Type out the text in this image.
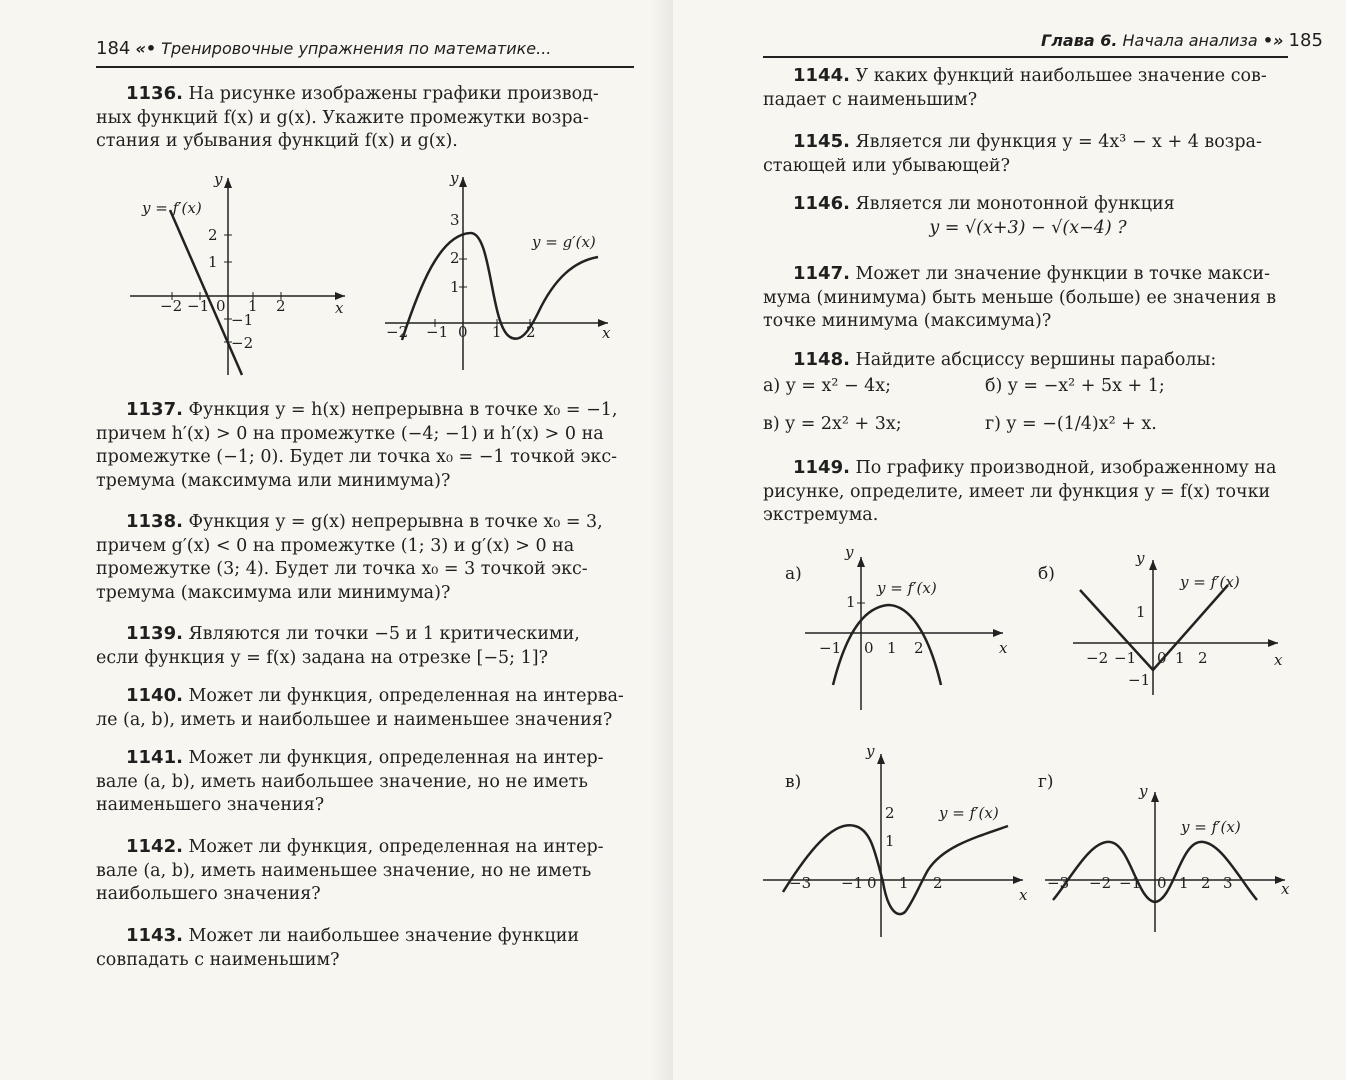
184 «• Тренировочные упражнения по математике...
1136. На рисунке изображены графики производ-
ных функций f(x) и g(x). Укажите промежутки возра-
стания и убывания функций f(x) и g(x).
y
x
y = f′(x)
−2 −1 0 1 2
2
1
−1
−2
y
x
y = g′(x)
−2 −1 0 1 2
3
2
1
1137. Функция y = h(x) непрерывна в точке x₀ = −1,
причем h′(x) > 0 на промежутке (−4; −1) и h′(x) > 0 на
промежутке (−1; 0). Будет ли точка x₀ = −1 точкой экс-
тремума (максимума или минимума)?
1138. Функция y = g(x) непрерывна в точке x₀ = 3,
причем g′(x) < 0 на промежутке (1; 3) и g′(x) > 0 на
промежутке (3; 4). Будет ли точка x₀ = 3 точкой экс-
тремума (максимума или минимума)?
1139. Являются ли точки −5 и 1 критическими,
если функция y = f(x) задана на отрезке [−5; 1]?
1140. Может ли функция, определенная на интерва-
ле (a, b), иметь и наибольшее и наименьшее значения?
1141. Может ли функция, определенная на интер-
вале (a, b), иметь наибольшее значение, но не иметь
наименьшего значения?
1142. Может ли функция, определенная на интер-
вале (a, b), иметь наименьшее значение, но не иметь
наибольшего значения?
1143. Может ли наибольшее значение функции
совпадать с наименьшим?
Глава 6. Начала анализа •» 185
1144. У каких функций наибольшее значение сов-
падает с наименьшим?
1145. Является ли функция y = 4x³ − x + 4 возра-
стающей или убывающей?
1146. Является ли монотонной функция
y = √(x+3) − √(x−4) ?
1147. Может ли значение функции в точке макси-
мума (минимума) быть меньше (больше) ее значения в
точке минимума (максимума)?
1148. Найдите абсциссу вершины параболы:
а) y = x² − 4x;	б) y = −x² + 5x + 1;
в) y = 2x² + 3x;	г) y = −(1/4)x² + x.
1149. По графику производной, изображенному на
рисунке, определите, имеет ли функция y = f(x) точки
экстремума.
а)
y
x
y = f′(x)
−1 0 1 2
1
б)
y
x
y = f′(x)
−2 −1 0 1 2
1
−1
в)
y
x
y = f′(x)
−3 −1 0 1 2
2
1
г)	y
x
y = f′(x)
−3 −2 −1 0 1 2 3
